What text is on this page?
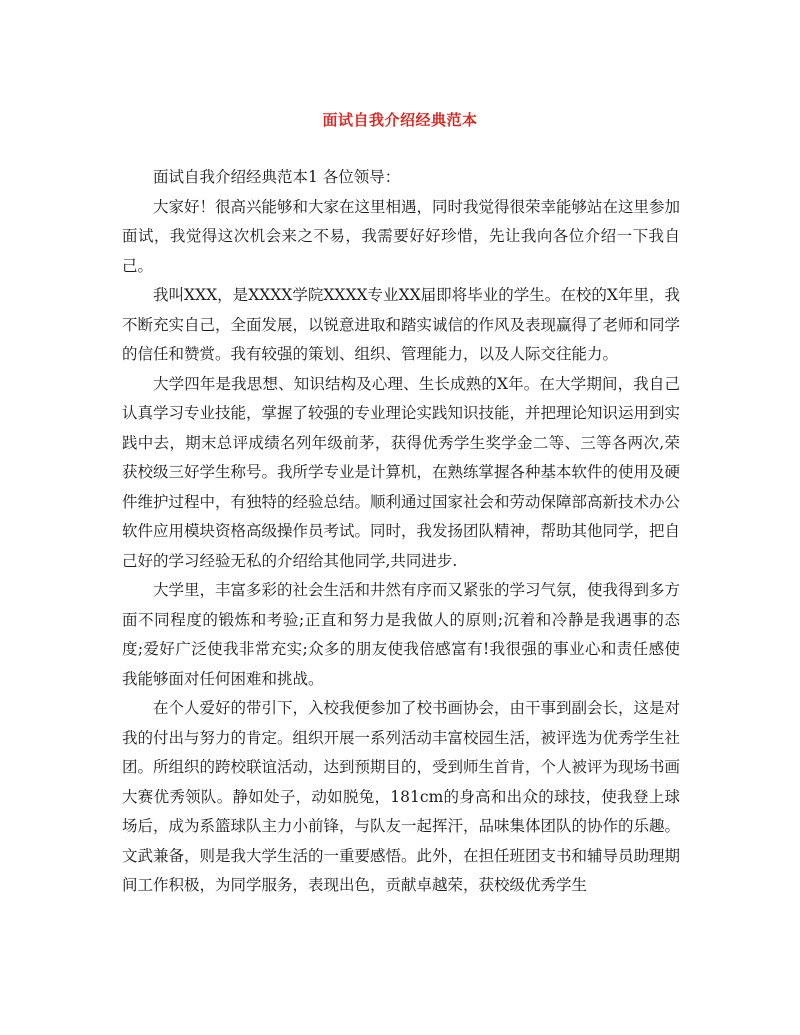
面试自我介绍经典范本

面试自我介绍经典范本1 各位领导：

大家好！很高兴能够和大家在这里相遇，同时我觉得很荣幸能够站在这里参加面试，我觉得这次机会来之不易，我需要好好珍惜，先让我向各位介绍一下我自己。

我叫XXX，是XXXX学院XXXX专业XX届即将毕业的学生。在校的X年里，我不断充实自己，全面发展，以锐意进取和踏实诚信的作风及表现赢得了老师和同学的信任和赞赏。我有较强的策划、组织、管理能力，以及人际交往能力。

大学四年是我思想、知识结构及心理、生长成熟的X年。在大学期间，我自己认真学习专业技能，掌握了较强的专业理论实践知识技能，并把理论知识运用到实践中去，期末总评成绩名列年级前茅，获得优秀学生奖学金二等、三等各两次,荣获校级三好学生称号。我所学专业是计算机，在熟练掌握各种基本软件的使用及硬件维护过程中，有独特的经验总结。顺利通过国家社会和劳动保障部高新技术办公软件应用模块资格高级操作员考试。同时，我发扬团队精神，帮助其他同学，把自己好的学习经验无私的介绍给其他同学,共同进步.

大学里，丰富多彩的社会生活和井然有序而又紧张的学习气氛，使我得到多方面不同程度的锻炼和考验;正直和努力是我做人的原则;沉着和冷静是我遇事的态度;爱好广泛使我非常充实;众多的朋友使我倍感富有!我很强的事业心和责任感使我能够面对任何困难和挑战。

在个人爱好的带引下，入校我便参加了校书画协会，由干事到副会长，这是对我的付出与努力的肯定。组织开展一系列活动丰富校园生活，被评选为优秀学生社团。所组织的跨校联谊活动，达到预期目的，受到师生首肯，个人被评为现场书画大赛优秀领队。静如处子，动如脱兔，181cm的身高和出众的球技，使我登上球场后，成为系篮球队主力小前锋，与队友一起挥汗，品味集体团队的协作的乐趣。文武兼备，则是我大学生活的一重要感悟。此外，在担任班团支书和辅导员助理期间工作积极，为同学服务，表现出色，贡献卓越荣，获校级优秀学生
